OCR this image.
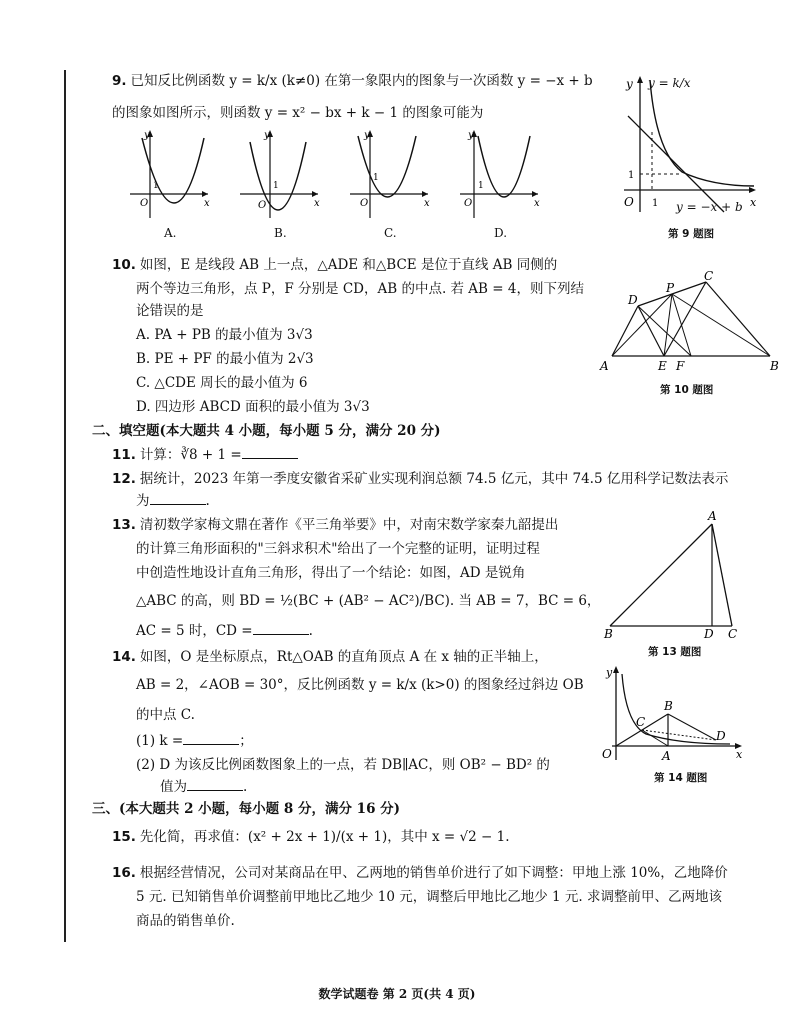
9. 已知反比例函数 y = k/x (k≠0) 在第一象限内的图象与一次函数 y = −x + b
的图象如图所示，则函数 y = x² − bx + k − 1 的图象可能为
y
O
1
x
A.
y
O
1
x
B.
y
O
1
x
C.
y
O
1
x
D.
y
O 1
1
x
y = k/x
y = −x + b
第 9 题图
10. 如图，E 是线段 AB 上一点，△ADE 和△BCE 是位于直线 AB 同侧的
两个等边三角形，点 P，F 分别是 CD，AB 的中点. 若 AB = 4，则下列结
论错误的是
A. PA + PB 的最小值为 3√3
B. PE + PF 的最小值为 2√3
C. △CDE 周长的最小值为 6
D. 四边形 ABCD 面积的最小值为 3√3
A	B
D
C
P
E F
第 10 题图
二、填空题(本大题共 4 小题，每小题 5 分，满分 20 分)
11. 计算：∛8 + 1 =
12. 据统计，2023 年第一季度安徽省采矿业实现利润总额 74.5 亿元，其中 74.5 亿用科学记数法表示
为	.
13. 清初数学家梅文鼎在著作《平三角举要》中，对南宋数学家秦九韶提出
的计算三角形面积的"三斜求积术"给出了一个完整的证明，证明过程
中创造性地设计直角三角形，得出了一个结论：如图，AD 是锐角
△ABC 的高，则 BD = ½(BC + (AB² − AC²)/BC). 当 AB = 7，BC = 6，
AC = 5 时，CD =	.
A
B	D C
第 13 题图
14. 如图，O 是坐标原点，Rt△OAB 的直角顶点 A 在 x 轴的正半轴上，
AB = 2，∠AOB = 30°，反比例函数 y = k/x (k>0) 的图象经过斜边 OB
的中点 C.
(1) k =	；
(2) D 为该反比例函数图象上的一点，若 DB∥AC，则 OB² − BD² 的
值为	.
y
O	x
C
B
A
D
第 14 题图
三、(本大题共 2 小题，每小题 8 分，满分 16 分)
15. 先化简，再求值：(x² + 2x + 1)/(x + 1)，其中 x = √2 − 1.
16. 根据经营情况，公司对某商品在甲、乙两地的销售单价进行了如下调整：甲地上涨 10%，乙地降价
5 元. 已知销售单价调整前甲地比乙地少 10 元，调整后甲地比乙地少 1 元. 求调整前甲、乙两地该
商品的销售单价.
数学试题卷 第 2 页(共 4 页)
